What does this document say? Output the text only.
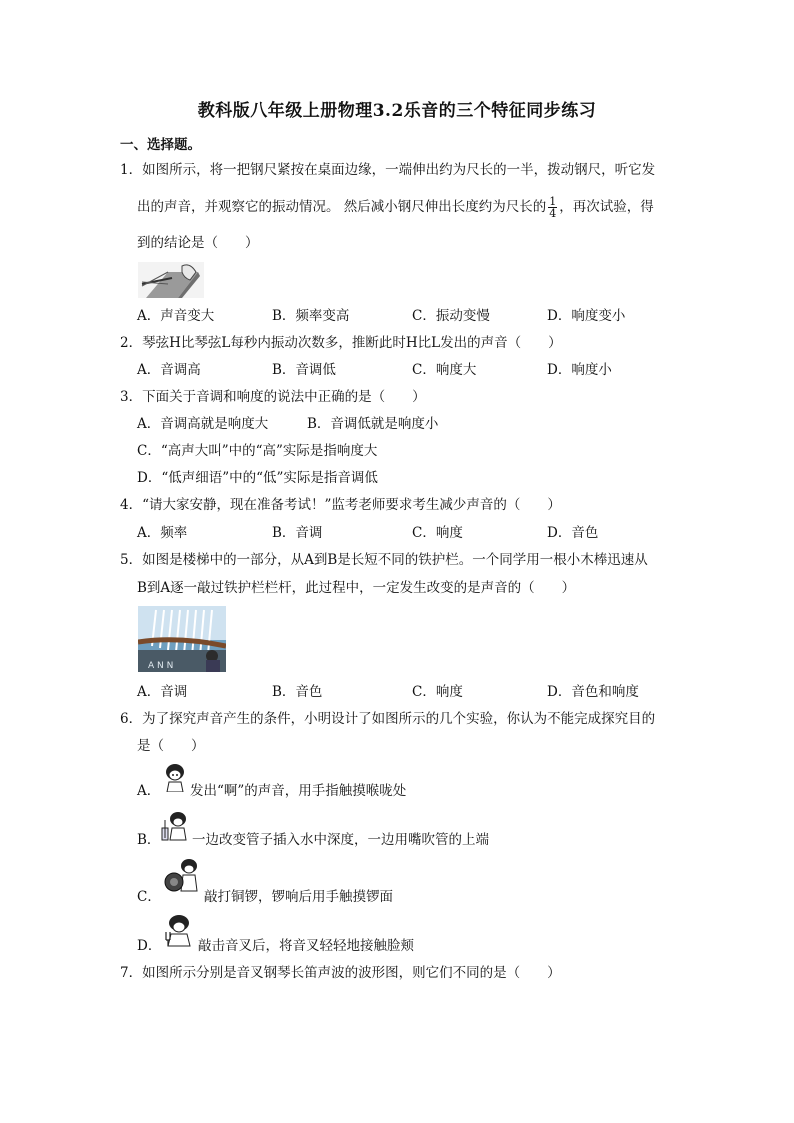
教科版八年级上册物理3.2乐音的三个特征同步练习
一、选择题。
1．如图所示，将一把钢尺紧按在桌面边缘，一端伸出约为尺长的一半，拨动钢尺，听它发
出的声音，并观察它的振动情况。 然后减小钢尺伸出长度约为尺长的 $\frac{1}{4}$ ，再次试验，得
到的结论是（　　）
A．声音变大	B．频率变高	C．振动变慢	D．响度变小
2．琴弦H比琴弦L每秒内振动次数多，推断此时H比L发出的声音（　　）
A．音调高	B．音调低	C．响度大	D．响度小
3．下面关于音调和响度的说法中正确的是（　　）
A．音调高就是响度大	B．音调低就是响度小
C．“高声大叫”中的“高”实际是指响度大
D．“低声细语”中的“低”实际是指音调低
4．“请大家安静，现在准备考试！”监考老师要求考生减少声音的（　　）
A．频率	B．音调	C．响度	D．音色
5．如图是楼梯中的一部分，从A到B是长短不同的铁护栏。一个同学用一根小木棒迅速从
B到A逐一敲过铁护栏栏杆，此过程中，一定发生改变的是声音的（　　）
A N N
A．音调	B．音色	C．响度	D．音色和响度
6．为了探究声音产生的条件，小明设计了如图所示的几个实验，你认为不能完成探究目的
是（　　）
A． 发出“啊”的声音，用手指触摸喉咙处
B． 一边改变管子插入水中深度，一边用嘴吹管的上端
C．	敲打铜锣，锣响后用手触摸锣面
D．	敲击音叉后，将音叉轻轻地接触脸颊
7．如图所示分别是音叉钢琴长笛声波的波形图，则它们不同的是（　　）
